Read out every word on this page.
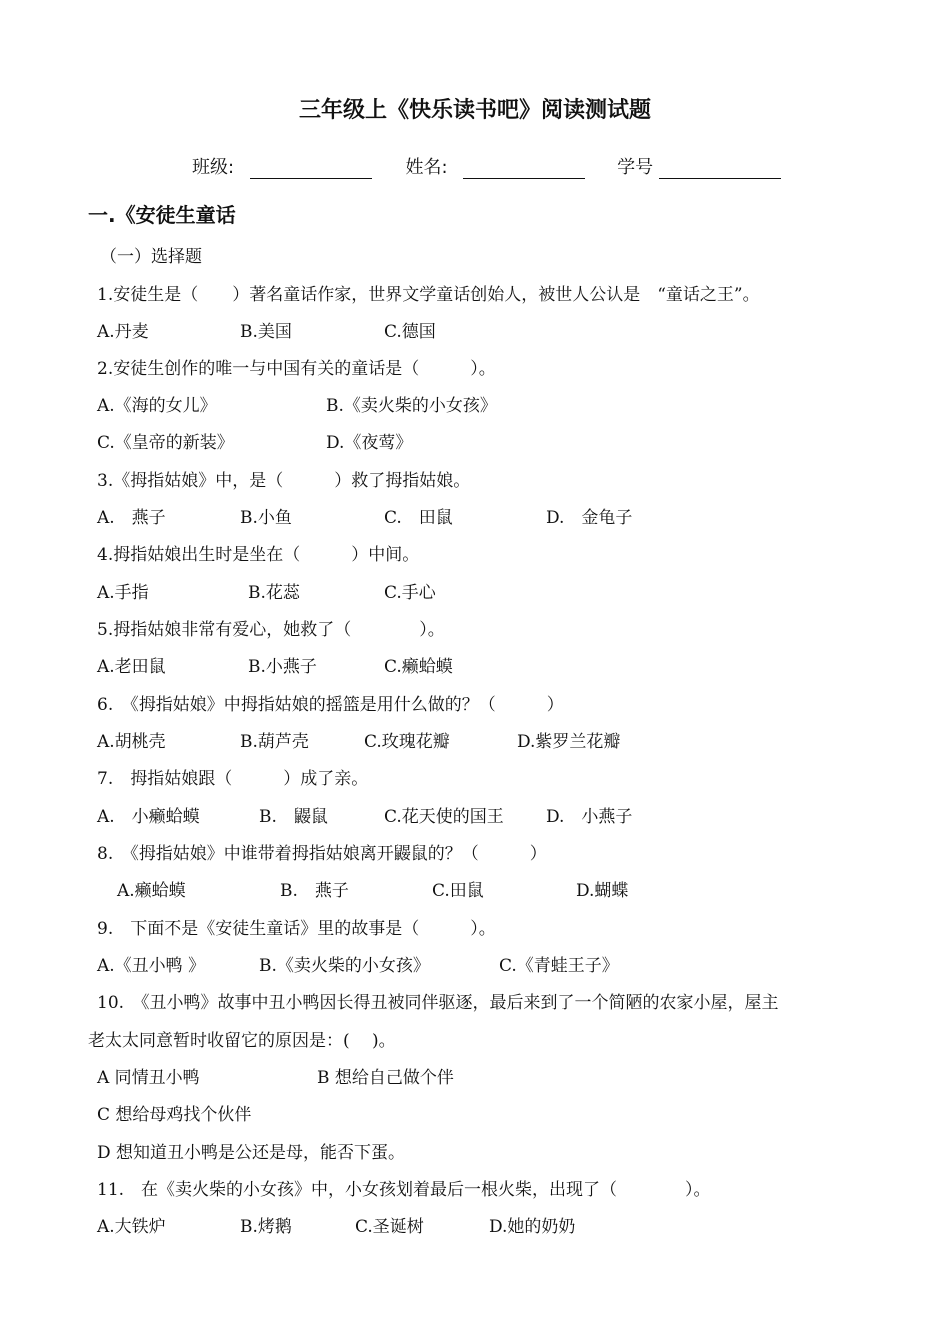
三年级上《快乐读书吧》阅读测试题
班级:	姓名:	学号
一.《安徒生童话
（一）选择题
1.安徒生是（　　）著名童话作家，世界文学童话创始人，被世人公认是　“童话之王”。
A.丹麦	B.美国	C.德国
2.安徒生创作的唯一与中国有关的童话是（　　　）。
A.《海的女儿》	B.《卖火柴的小女孩》
C.《皇帝的新装》	D.《夜莺》
3.《拇指姑娘》中，是（　　　）救了拇指姑娘。
A.　燕子	B.小鱼	C.　田鼠	D.　金龟子
4.拇指姑娘出生时是坐在（　　　）中间。
A.手指	B.花蕊	C.手心
5.拇指姑娘非常有爱心，她救了（　　　　）。
A.老田鼠	B.小燕子	C.癞蛤蟆
6.　《拇指姑娘》中拇指姑娘的摇篮是用什么做的？（　　　）
A.胡桃壳	B.葫芦壳	C.玫瑰花瓣	D.紫罗兰花瓣
7.　拇指姑娘跟（　　　）成了亲。
A.　小癞蛤蟆	B.　鼹鼠	C.花天使的国王 D.　小燕子
8.　《拇指姑娘》中谁带着拇指姑娘离开鼹鼠的？（　　　）
A.癞蛤蟆	B.　燕子	C.田鼠	D.蝴蝶
9.　下面不是《安徒生童话》里的故事是（　　　）。
A.《丑小鸭 》	B.《卖火柴的小女孩》	C.《青蛙王子》
10.　《丑小鸭》故事中丑小鸭因长得丑被同伴驱逐，最后来到了一个简陋的农家小屋，屋主
老太太同意暂时收留它的原因是：(　 )。
A 同情丑小鸭	B 想给自己做个伴
C 想给母鸡找个伙伴
D 想知道丑小鸭是公还是母，能否下蛋。
11.　在《卖火柴的小女孩》中，小女孩划着最后一根火柴，出现了（　　　　）。
A.大铁炉	B.烤鹅	C.圣诞树	D.她的奶奶
